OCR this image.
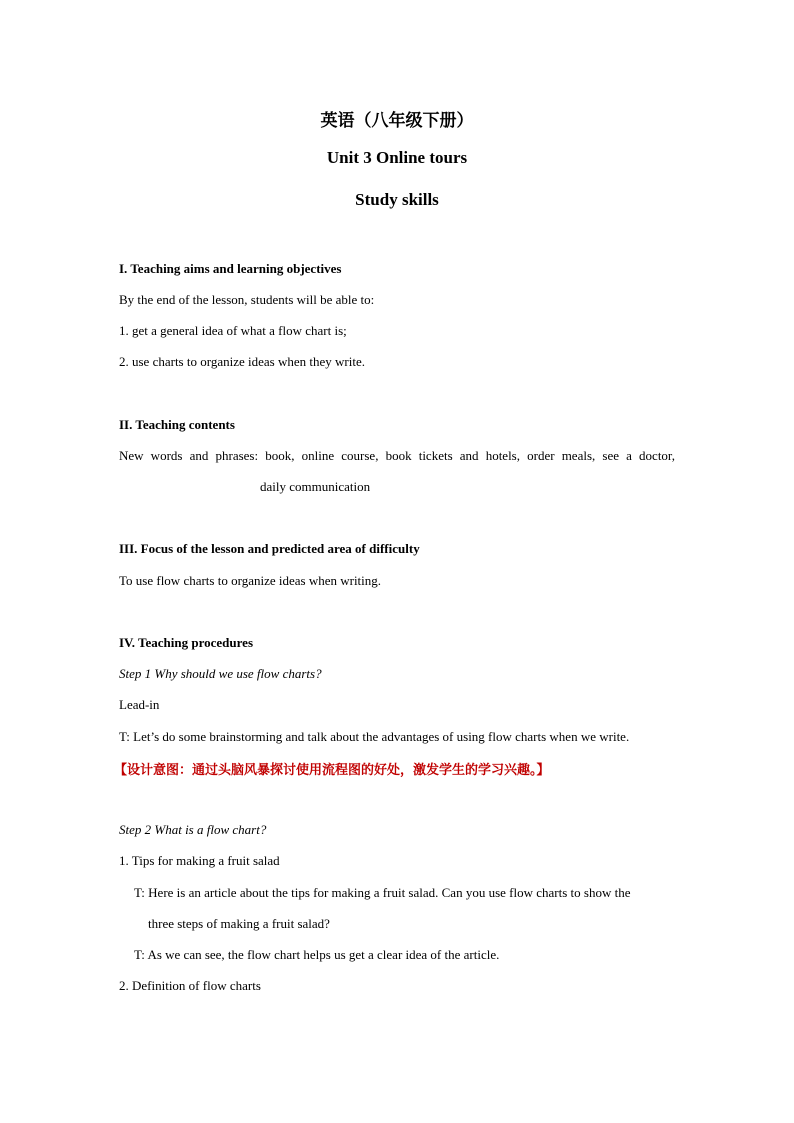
英语（八年级下册）
Unit 3 Online tours
Study skills
I. Teaching aims and learning objectives
By the end of the lesson, students will be able to:
1. get a general idea of what a flow chart is;
2. use charts to organize ideas when they write.
II. Teaching contents
New words and phrases: book, online course, book tickets and hotels, order meals, see a doctor,
daily communication
III. Focus of the lesson and predicted area of difficulty
To use flow charts to organize ideas when writing.
IV. Teaching procedures
Step 1 Why should we use flow charts?
Lead-in
T: Let’s do some brainstorming and talk about the advantages of using flow charts when we write.
【设计意图：通过头脑风暴探讨使用流程图的好处，激发学生的学习兴趣。】
Step 2 What is a flow chart?
1. Tips for making a fruit salad
T: Here is an article about the tips for making a fruit salad. Can you use flow charts to show the
three steps of making a fruit salad?
T: As we can see, the flow chart helps us get a clear idea of the article.
2. Definition of flow charts
